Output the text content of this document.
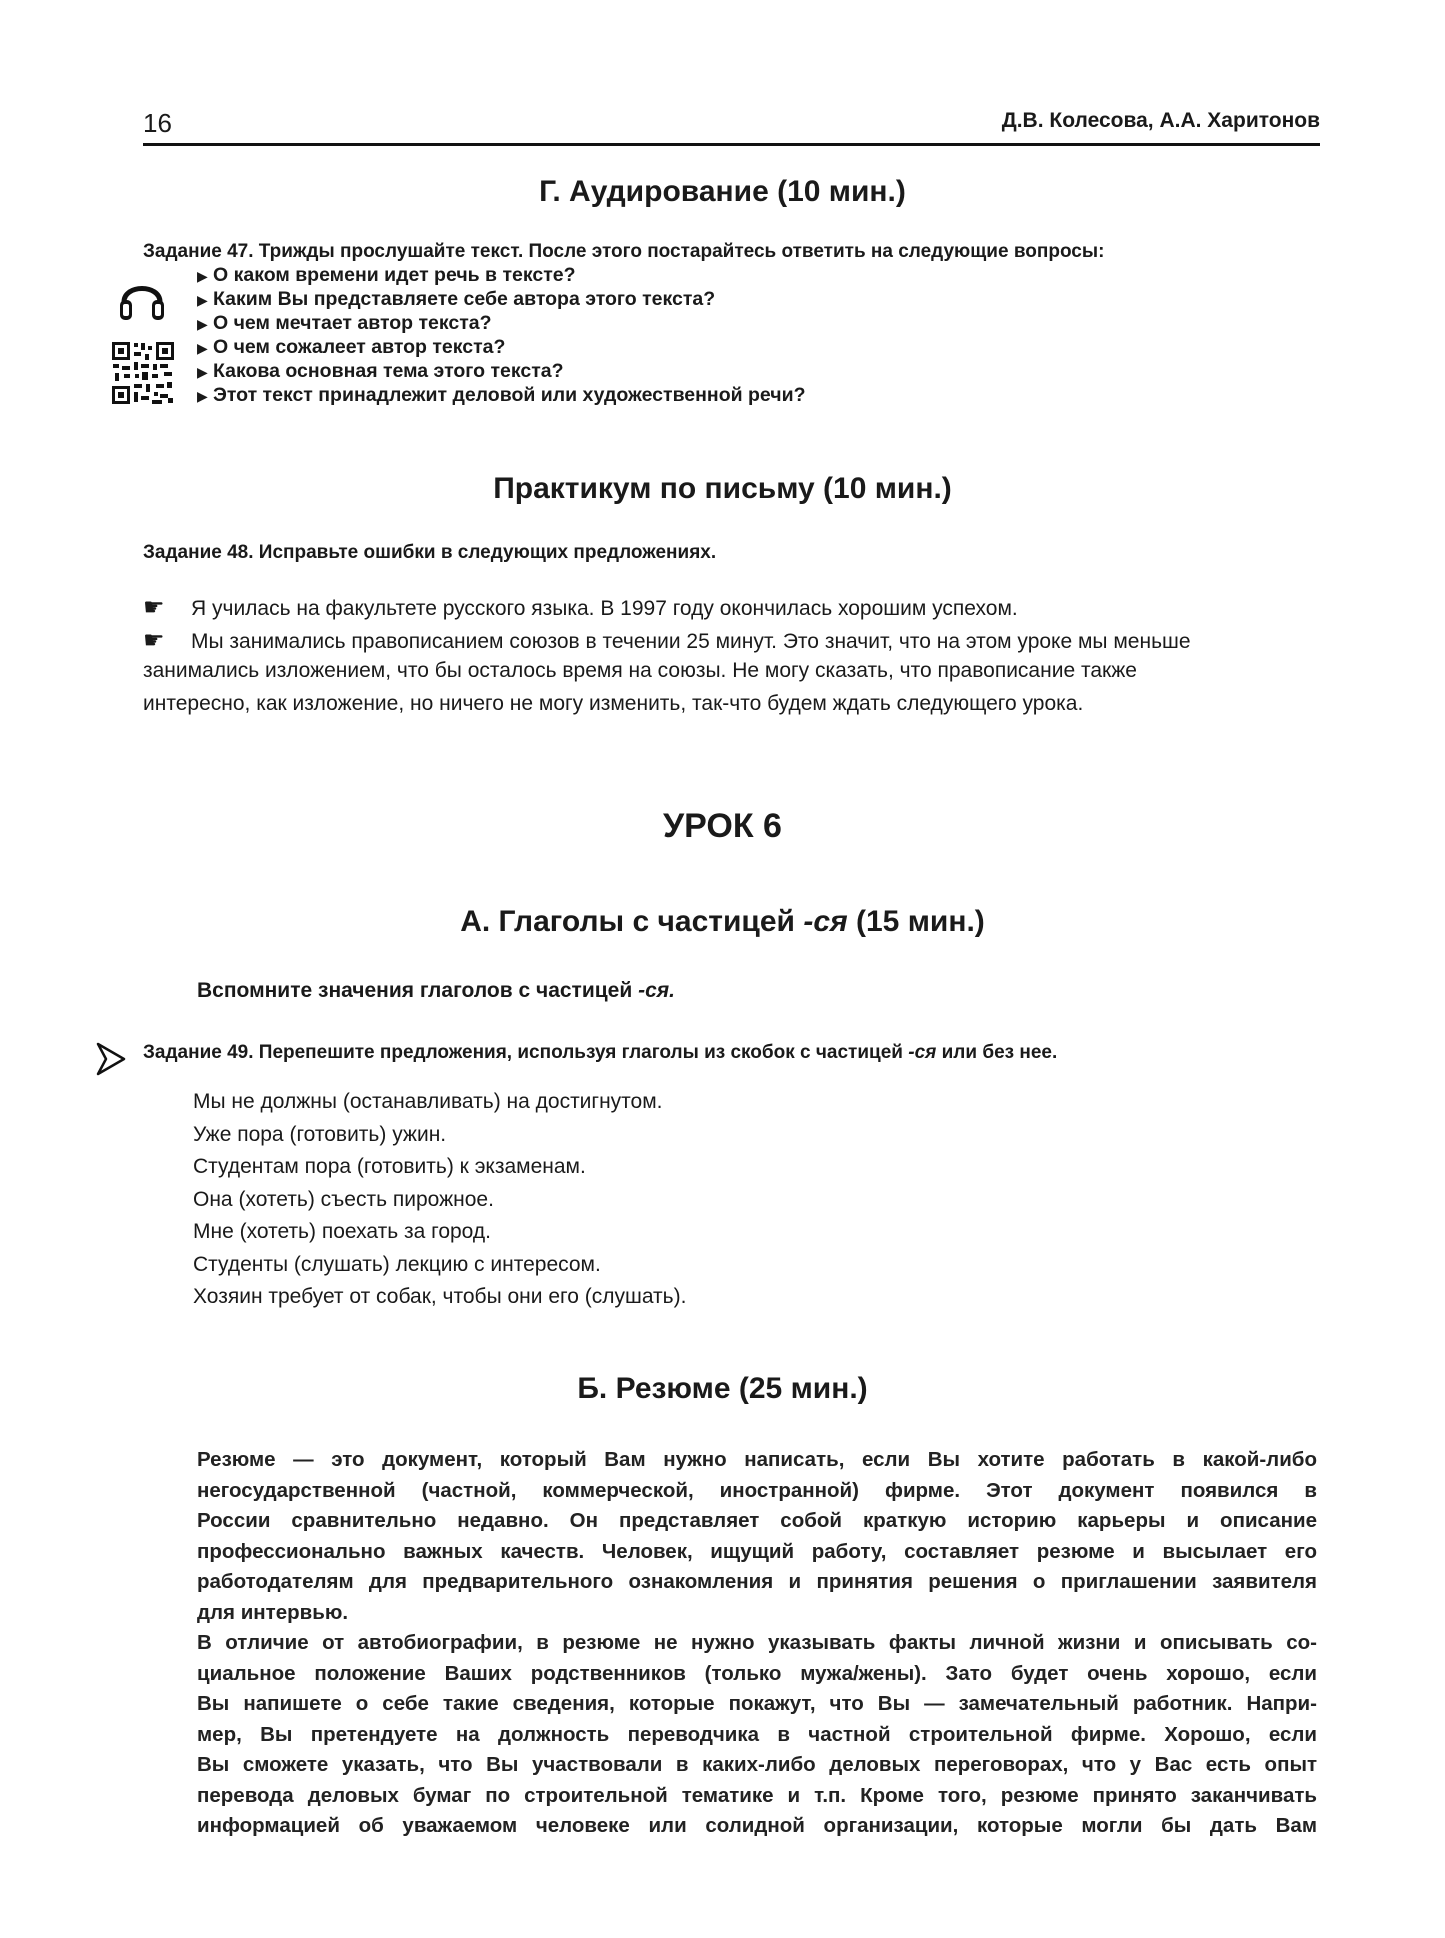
16	Д.В. Колесова, А.А. Харитонов
Г. Аудирование (10 мин.)
Задание 47. Трижды прослушайте текст. После этого постарайтесь ответить на следующие вопросы:
▶ О каком времени идет речь в тексте?
▶ Каким Вы представляете себе автора этого текста?
▶ О чем мечтает автор текста?
▶ О чем сожалеет автор текста?
▶ Какова основная тема этого текста?
▶ Этот текст принадлежит деловой или художественной речи?
Практикум по письму (10 мин.)
Задание 48. Исправьте ошибки в следующих предложениях.
☛ Я училась на факультете русского языка. В 1997 году окончилась хорошим успехом.
☛ Мы занимались правописанием союзов в течении 25 минут. Это значит, что на этом уроке мы меньше
занимались изложением, что бы осталось время на союзы. Не могу сказать, что правописание также
интересно, как изложение, но ничего не могу изменить, так-что будем ждать следующего урока.
УРОК 6
А. Глаголы с частицей -ся (15 мин.)
Вспомните значения глаголов с частицей -ся.
Задание 49. Перепешите предложения, используя глаголы из скобок с частицей -ся или без нее.
Мы не должны (останавливать) на достигнутом.
Уже пора (готовить) ужин.
Студентам пора (готовить) к экзаменам.
Она (хотеть) съесть пирожное.
Мне (хотеть) поехать за город.
Студенты (слушать) лекцию с интересом.
Хозяин требует от собак, чтобы они его (слушать).
Б. Резюме (25 мин.)
Резюме — это документ, который Вам нужно написать, если Вы хотите работать в какой-либо
негосударственной (частной, коммерческой, иностранной) фирме. Этот документ появился в
России сравнительно недавно. Он представляет собой краткую историю карьеры и описание
профессионально важных качеств. Человек, ищущий работу, составляет резюме и высылает его
работодателям для предварительного ознакомления и принятия решения о приглашении заявителя
для интервью.
В отличие от автобиографии, в резюме не нужно указывать факты личной жизни и описывать со-
циальное положение Ваших родственников (только мужа/жены). Зато будет очень хорошо, если
Вы напишете о себе такие сведения, которые покажут, что Вы — замечательный работник. Напри-
мер, Вы претендуете на должность переводчика в частной строительной фирме. Хорошо, если
Вы сможете указать, что Вы участвовали в каких-либо деловых переговорах, что у Вас есть опыт
перевода деловых бумаг по строительной тематике и т.п. Кроме того, резюме принято заканчивать
информацией об уважаемом человеке или солидной организации, которые могли бы дать Вам
